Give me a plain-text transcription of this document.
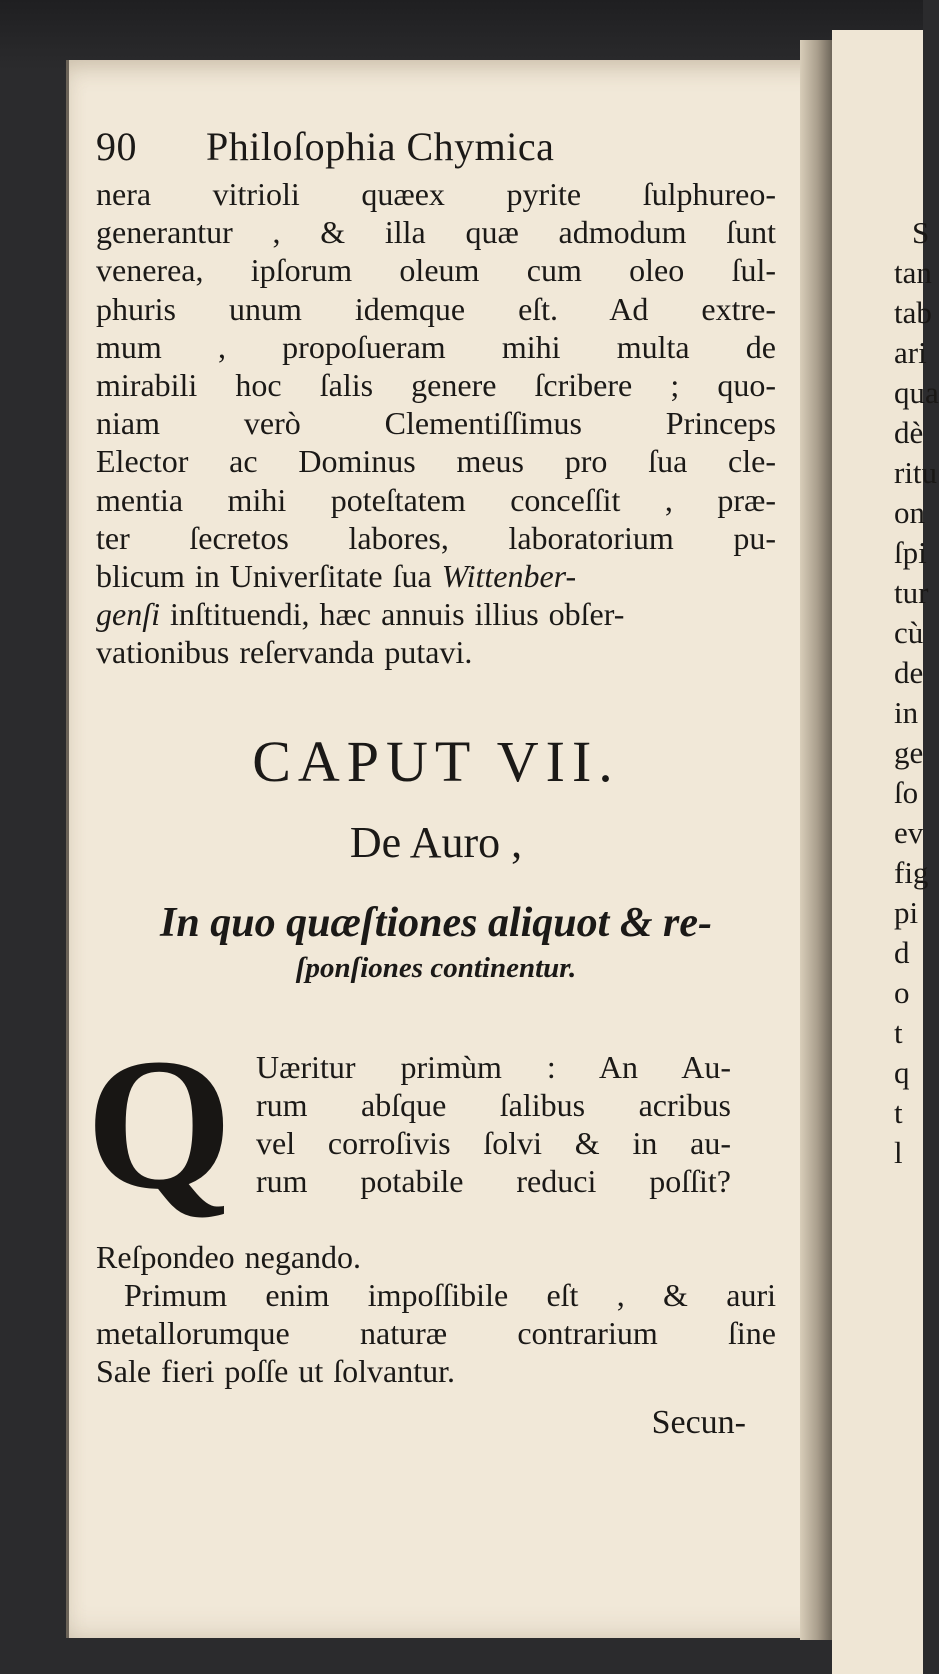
S
tan
tab
ari
qua
dè
ritu
on
ſpi
tur
cù
de
in
ge
ſo
ev
fig
pi
d
o
t
q
t
l
90 Philoſophia Chymica
nera vitrioli quæex pyrite ſulphureo-
generantur , & illa quæ admodum ſunt
venerea, ipſorum oleum cum oleo ſul-
phuris unum idemque eſt. Ad extre-
mum , propoſueram mihi multa de
mirabili hoc ſalis genere ſcribere ; quo-
niam verò Clementiſſimus Princeps
Elector ac Dominus meus pro ſua cle-
mentia mihi poteſtatem conceſſit , præ-
ter ſecretos labores, laboratorium pu-
blicum in Univerſitate ſua Wittenber-
genſi inſtituendi, hæc annuis illius obſer-
vationibus reſervanda putavi.
CAPUT VII.
De Auro ,
In quo quæſtiones aliquot & re-
ſponſiones continentur.
Q Uæritur primùm : An Au-
rum abſque ſalibus acribus
vel corroſivis ſolvi & in au-
rum potabile reduci poſſit?
Reſpondeo negando.
Primum enim impoſſibile eſt , & auri
metallorumque naturæ contrarium ſine
Sale fieri poſſe ut ſolvantur.
Secun-
